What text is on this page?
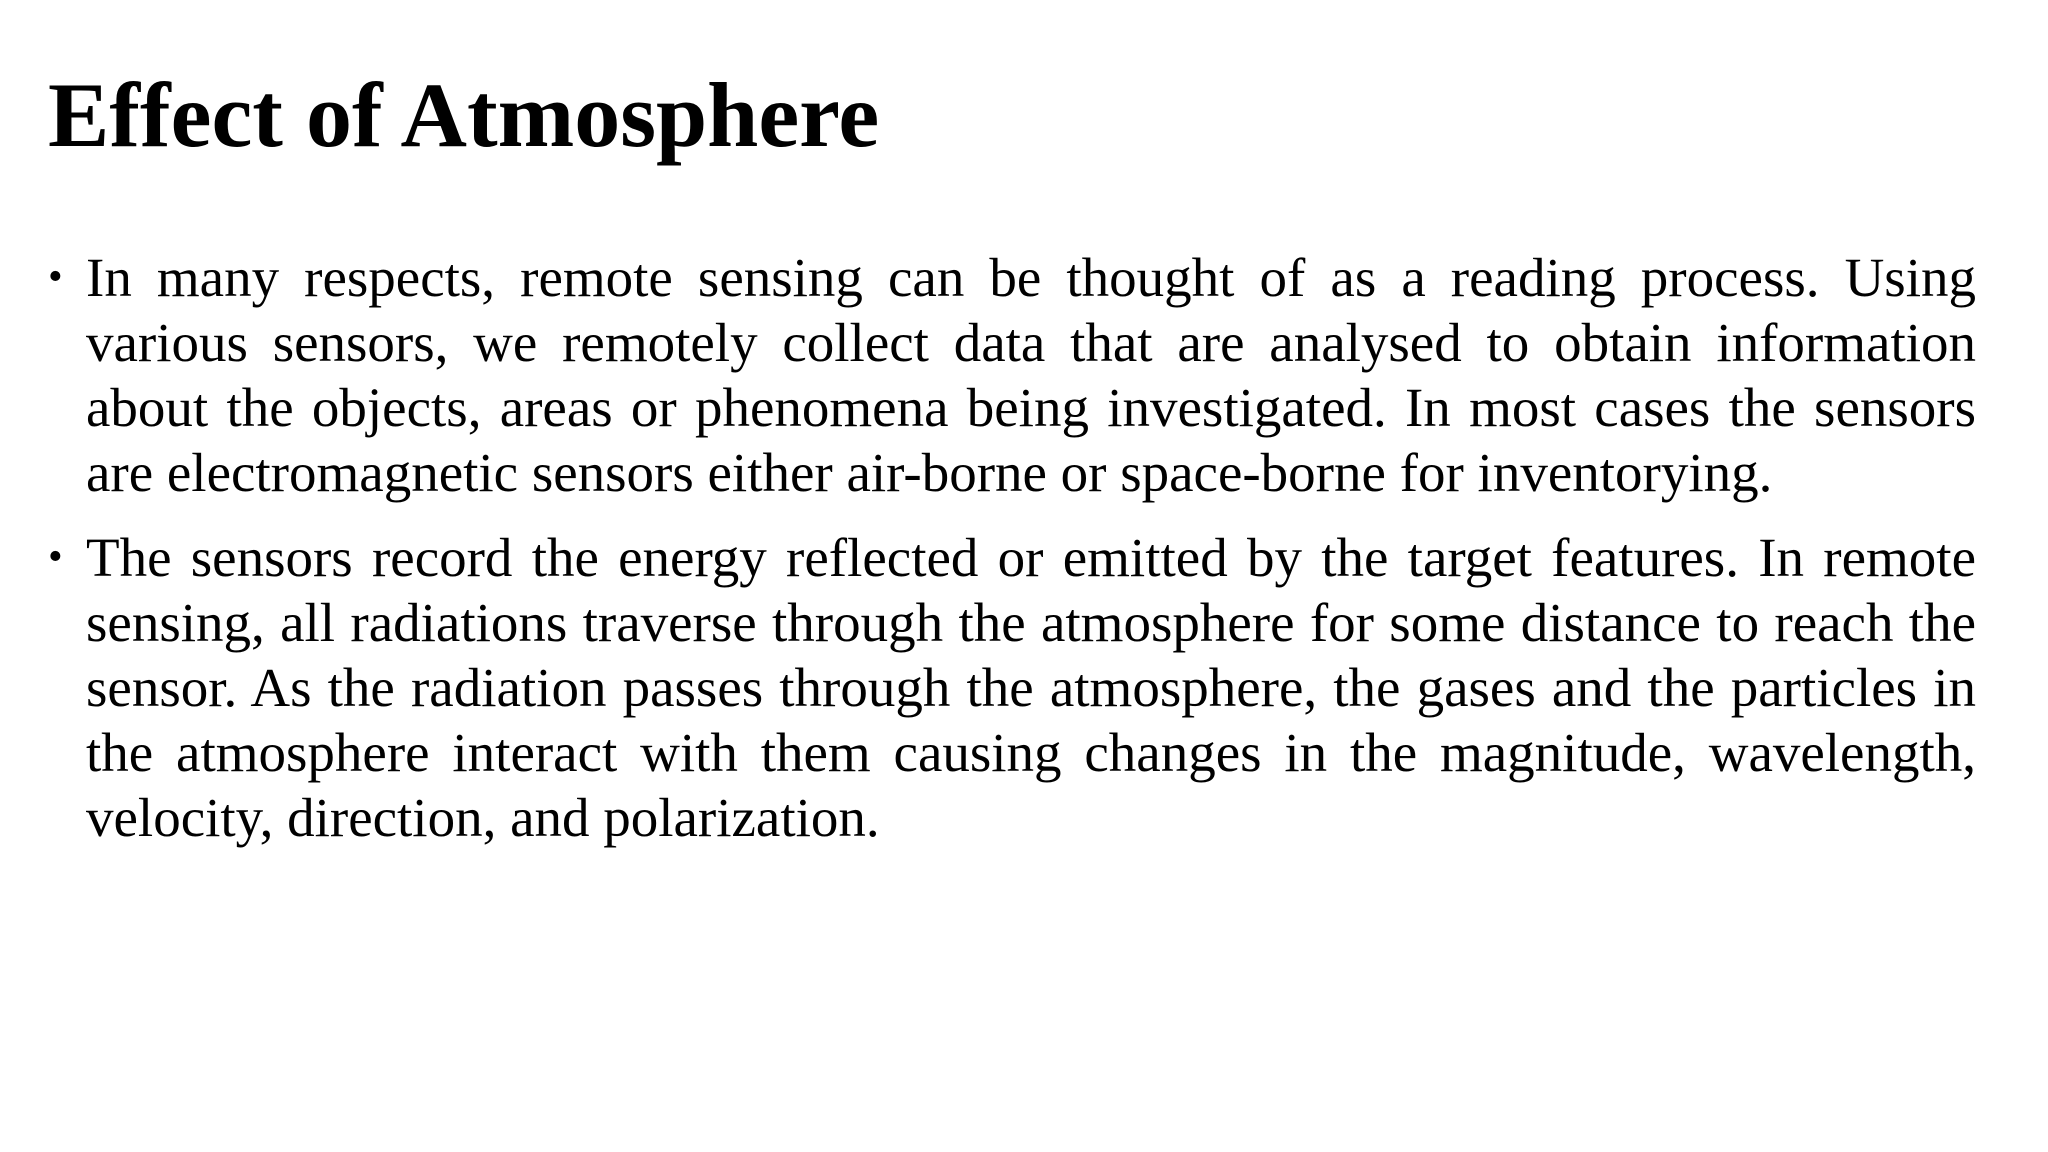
Effect of Atmosphere
• In many respects, remote sensing can be thought of as a reading process. Using various sensors, we remotely collect data that are analysed to obtain information about the objects, areas or phenomena being investigated. In most cases the sensors are electromagnetic sensors either air-borne or space-borne for inventorying.
• The sensors record the energy reflected or emitted by the target features. In remote sensing, all radiations traverse through the atmosphere for some distance to reach the sensor. As the radiation passes through the atmosphere, the gases and the particles in the atmosphere interact with them causing changes in the magnitude, wavelength, velocity, direction, and polarization.
